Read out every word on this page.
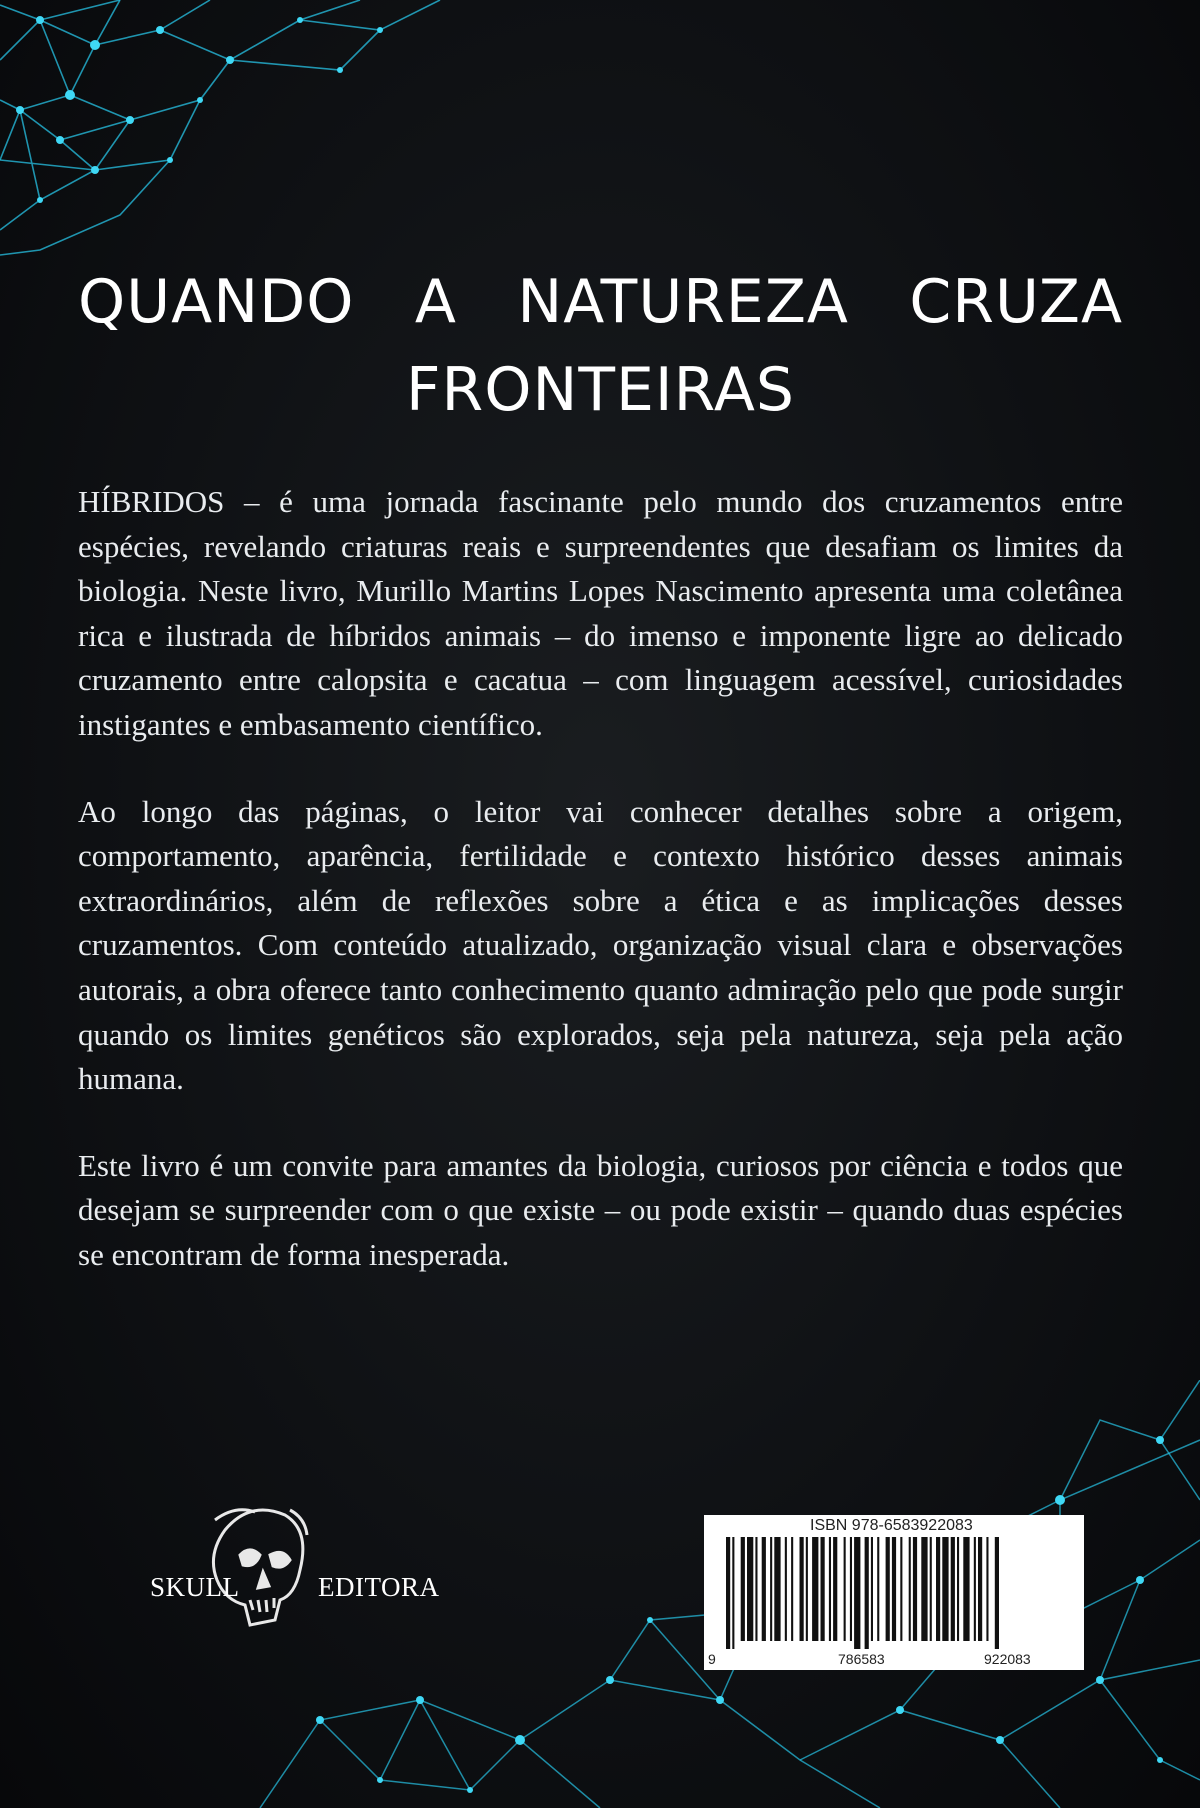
QUANDO A NATUREZA CRUZA
FRONTEIRAS

HÍBRIDOS – é uma jornada fascinante pelo mundo dos cruzamentos entre espécies, revelando criaturas reais e surpreendentes que desafiam os limites da biologia. Neste livro, Murillo Martins Lopes Nascimento apresenta uma coletânea rica e ilustrada de híbridos animais – do imenso e imponente ligre ao delicado cruzamento entre calopsita e cacatua – com linguagem acessível, curiosidades instigantes e embasamento científico.

Ao longo das páginas, o leitor vai conhecer detalhes sobre a origem, comportamento, aparência, fertilidade e contexto histórico desses animais extraordinários, além de reflexões sobre a ética e as implicações desses cruzamentos. Com conteúdo atualizado, organização visual clara e observações autorais, a obra oferece tanto conhecimento quanto admiração pelo que pode surgir quando os limites genéticos são explorados, seja pela natureza, seja pela ação humana.

Este livro é um convite para amantes da biologia, curiosos por ciência e todos que desejam se surpreender com o que existe – ou pode existir – quando duas espécies se encontram de forma inesperada.

SKULL	EDITORA
ISBN 978-6583922083
9	786583	922083
